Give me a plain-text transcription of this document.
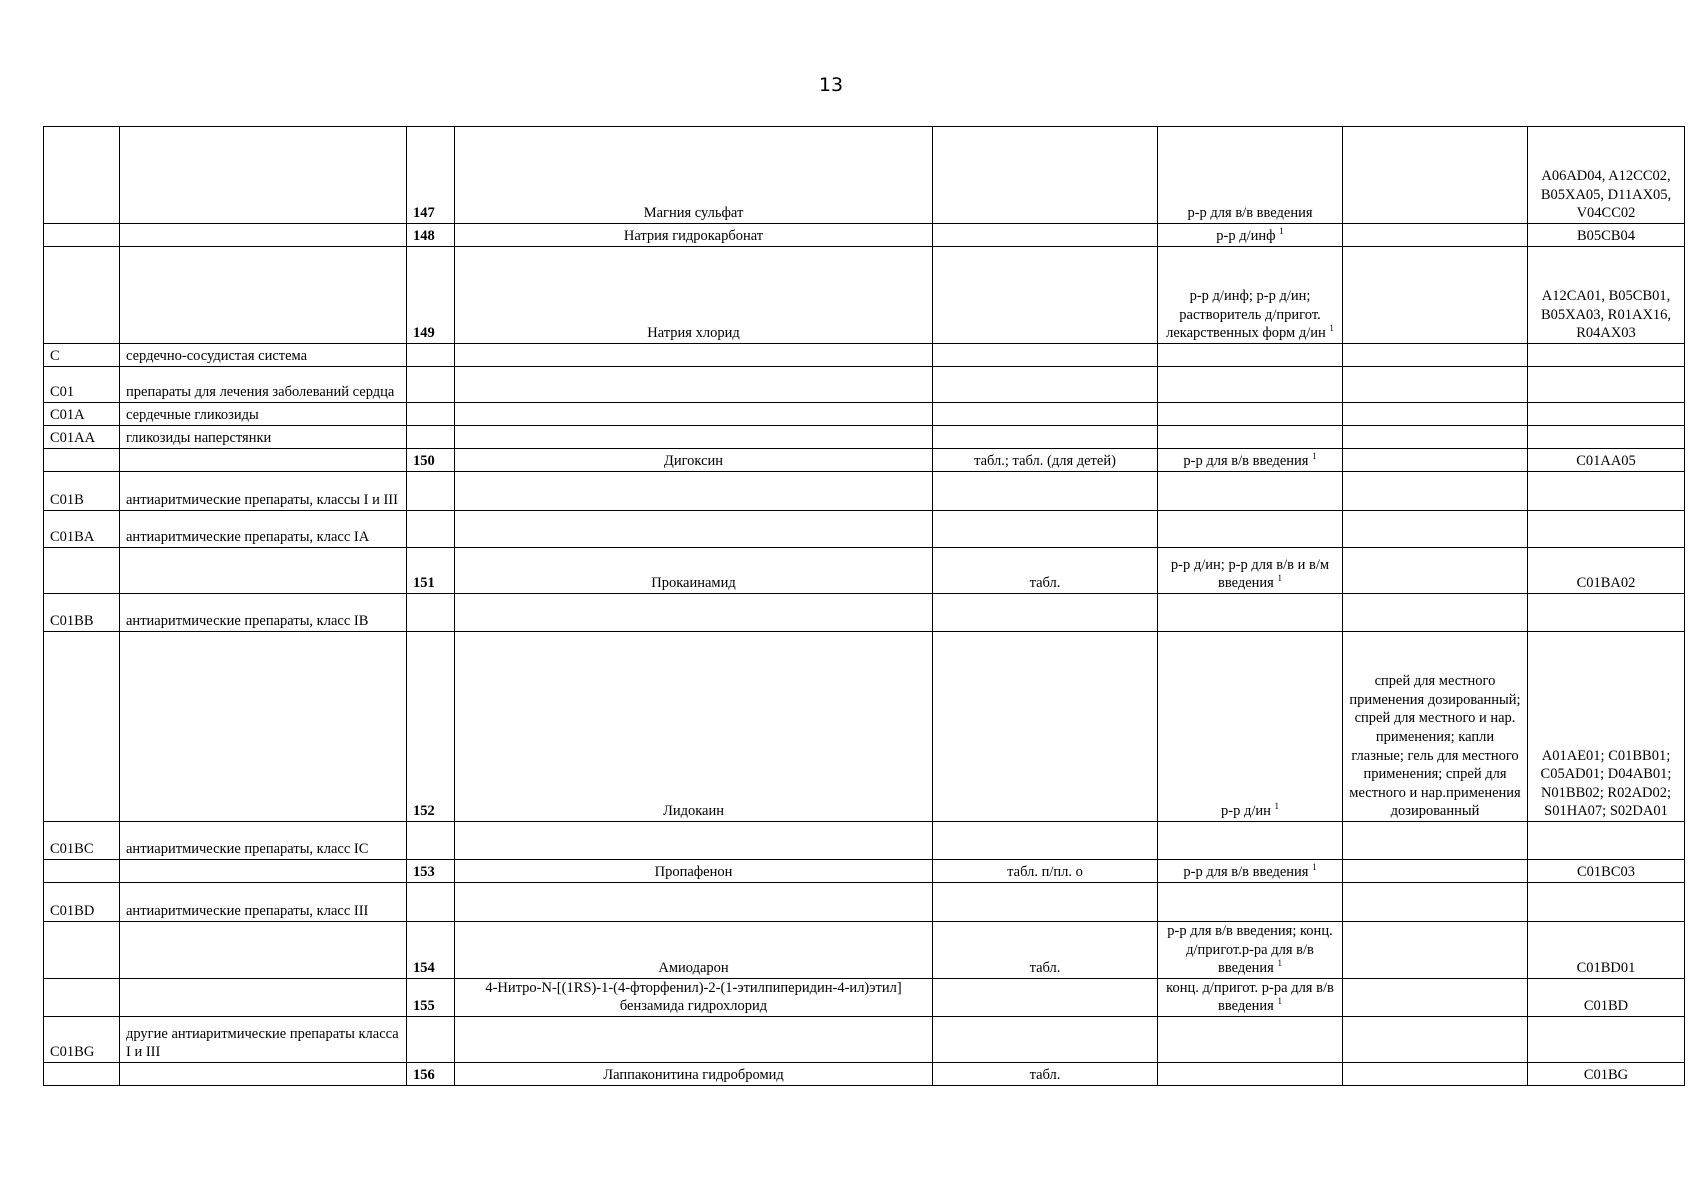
13
		147	Магния сульфат		р-р для в/в введения		A06AD04, A12CC02, B05XA05, D11AX05, V04CC02
		148	Натрия гидрокарбонат		р-р д/инф $^1$		B05CB04
		149	Натрия хлорид		р-р д/инф; р-р д/ин; растворитель д/пригот. лекарственных форм д/ин $^1$		A12CA01, B05CB01, B05XA03, R01AX16, R04AX03
C	сердечно-сосудистая система						
C01	препараты для лечения заболеваний сердца						
C01A	сердечные гликозиды						
C01AA	гликозиды наперстянки						
		150	Дигоксин	табл.; табл. (для детей)	р-р для в/в введения $^1$		C01AA05
C01B	антиаритмические препараты, классы I и III						
C01BA	антиаритмические препараты, класс IA						
		151	Прокаинамид	табл.	р-р д/ин; р-р для в/в и в/м введения $^1$		C01BA02
C01BB	антиаритмические препараты, класс IB						
		152	Лидокаин		р-р д/ин $^1$	спрей для местного применения дозированный; спрей для местного и нар. применения; капли глазные; гель для местного применения; спрей для местного и нар.применения дозированный	A01AE01; C01BB01; C05AD01; D04AB01; N01BB02; R02AD02; S01HA07; S02DA01
C01BC	антиаритмические препараты, класс IC						
		153	Пропафенон	табл. п/пл. о	р-р для в/в введения $^1$		C01BC03
C01BD	антиаритмические препараты, класс III						
		154	Амиодарон	табл.	р-р для в/в введения; конц. д/пригот.р-ра для в/в введения $^1$		C01BD01
		155	4-Нитро-N-[(1RS)-1-(4-фторфенил)-2-(1-этилпиперидин-4-ил)этил] бензамида гидрохлорид		конц. д/пригот. р-ра для в/в введения $^1$		C01BD
C01BG	другие антиаритмические препараты класса I и III						
		156	Лаппаконитина гидробромид	табл.			C01BG
